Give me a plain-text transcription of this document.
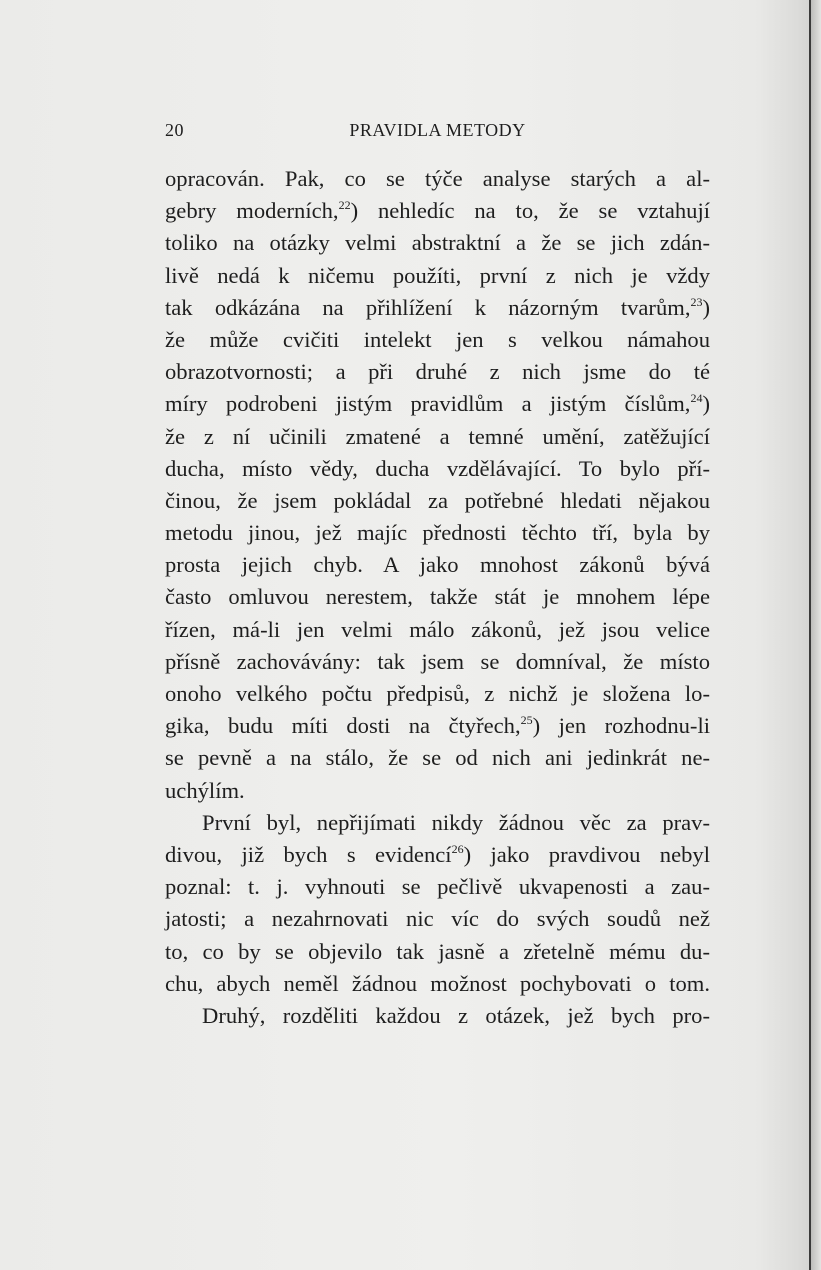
20	PRAVIDLA METODY
opracován. Pak, co se týče analyse starých a al-
gebry moderních,$^{22}$) nehledíc na to, že se vztahují
toliko na otázky velmi abstraktní a že se jich zdán-
livě nedá k ničemu použíti, první z nich je vždy
tak odkázána na přihlížení k názorným tvarům,$^{23}$)
že může cvičiti intelekt jen s velkou námahou
obrazotvornosti; a při druhé z nich jsme do té
míry podrobeni jistým pravidlům a jistým číslům,$^{24}$)
že z ní učinili zmatené a temné umění, zatěžující
ducha, místo vědy, ducha vzdělávající. To bylo pří-
činou, že jsem pokládal za potřebné hledati nějakou
metodu jinou, jež majíc přednosti těchto tří, byla by
prosta jejich chyb. A jako mnohost zákonů bývá
často omluvou nerestem, takže stát je mnohem lépe
řízen, má-li jen velmi málo zákonů, jež jsou velice
přísně zachovávány: tak jsem se domníval, že místo
onoho velkého počtu předpisů, z nichž je složena lo-
gika, budu míti dosti na čtyřech,$^{25}$) jen rozhodnu-li
se pevně a na stálo, že se od nich ani jedinkrát ne-
uchýlím.
První byl, nepřijímati nikdy žádnou věc za prav-
divou, již bych s evidencí$^{26}$) jako pravdivou nebyl
poznal: t. j. vyhnouti se pečlivě ukvapenosti a zau-
jatosti; a nezahrnovati nic víc do svých soudů než
to, co by se objevilo tak jasně a zřetelně mému du-
chu, abych neměl žádnou možnost pochybovati o tom.
Druhý, rozděliti každou z otázek, jež bych pro-
